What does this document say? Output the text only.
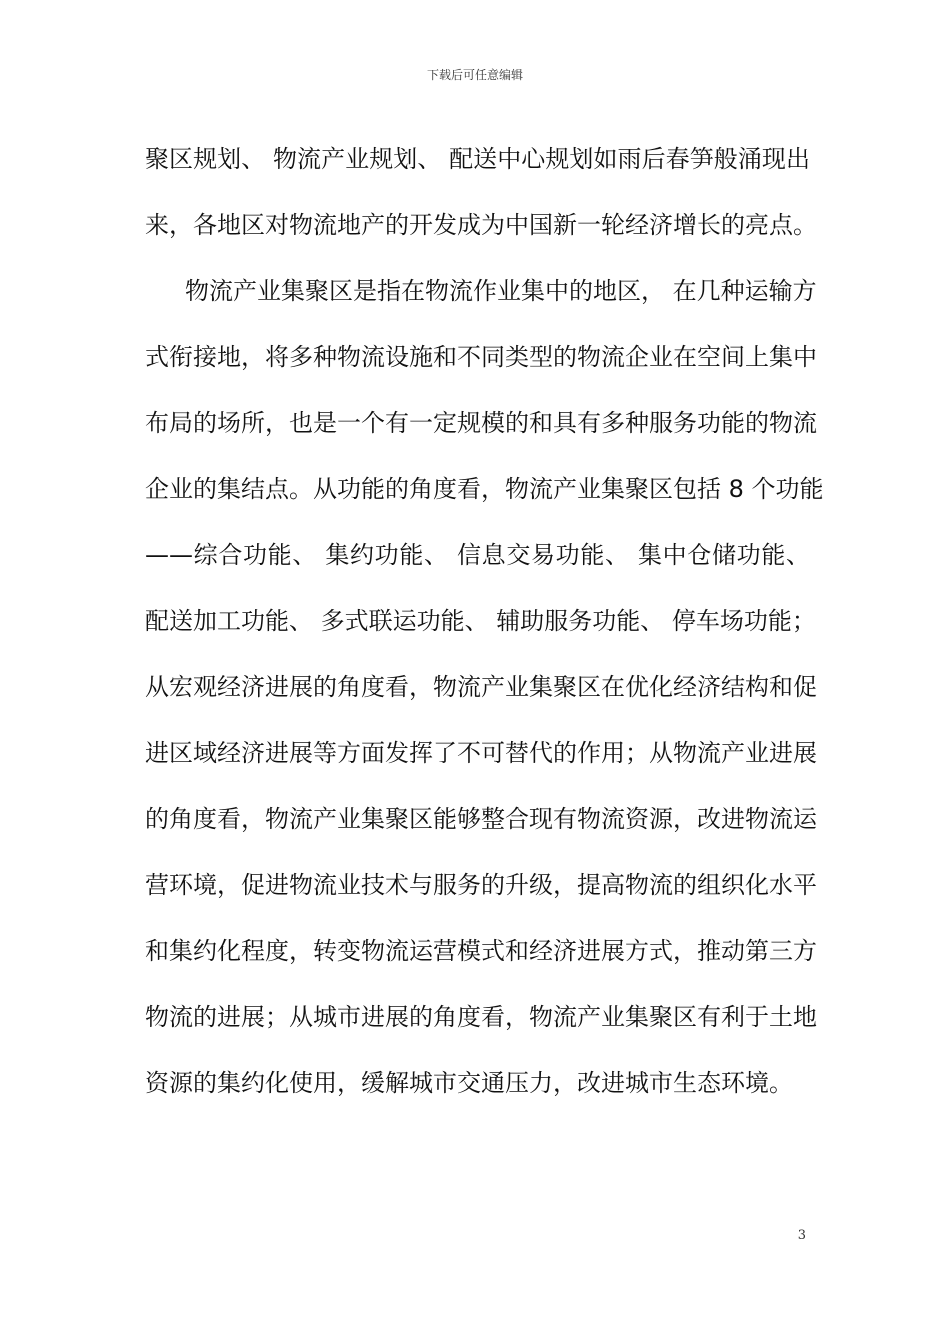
下载后可任意编辑
聚区规划、 物流产业规划、 配送中心规划如雨后春笋般涌现出
来，各地区对物流地产的开发成为中国新一轮经济增长的亮点。
物流产业集聚区是指在物流作业集中的地区， 在几种运输方
式衔接地，将多种物流设施和不同类型的物流企业在空间上集中
布局的场所，也是一个有一定规模的和具有多种服务功能的物流
企业的集结点。从功能的角度看，物流产业集聚区包括 8 个功能
——综合功能、 集约功能、 信息交易功能、 集中仓储功能、
配送加工功能、 多式联运功能、 辅助服务功能、 停车场功能；
从宏观经济进展的角度看，物流产业集聚区在优化经济结构和促
进区域经济进展等方面发挥了不可替代的作用；从物流产业进展
的角度看，物流产业集聚区能够整合现有物流资源，改进物流运
营环境，促进物流业技术与服务的升级，提高物流的组织化水平
和集约化程度，转变物流运营模式和经济进展方式，推动第三方
物流的进展；从城市进展的角度看，物流产业集聚区有利于土地
资源的集约化使用，缓解城市交通压力，改进城市生态环境。
3
